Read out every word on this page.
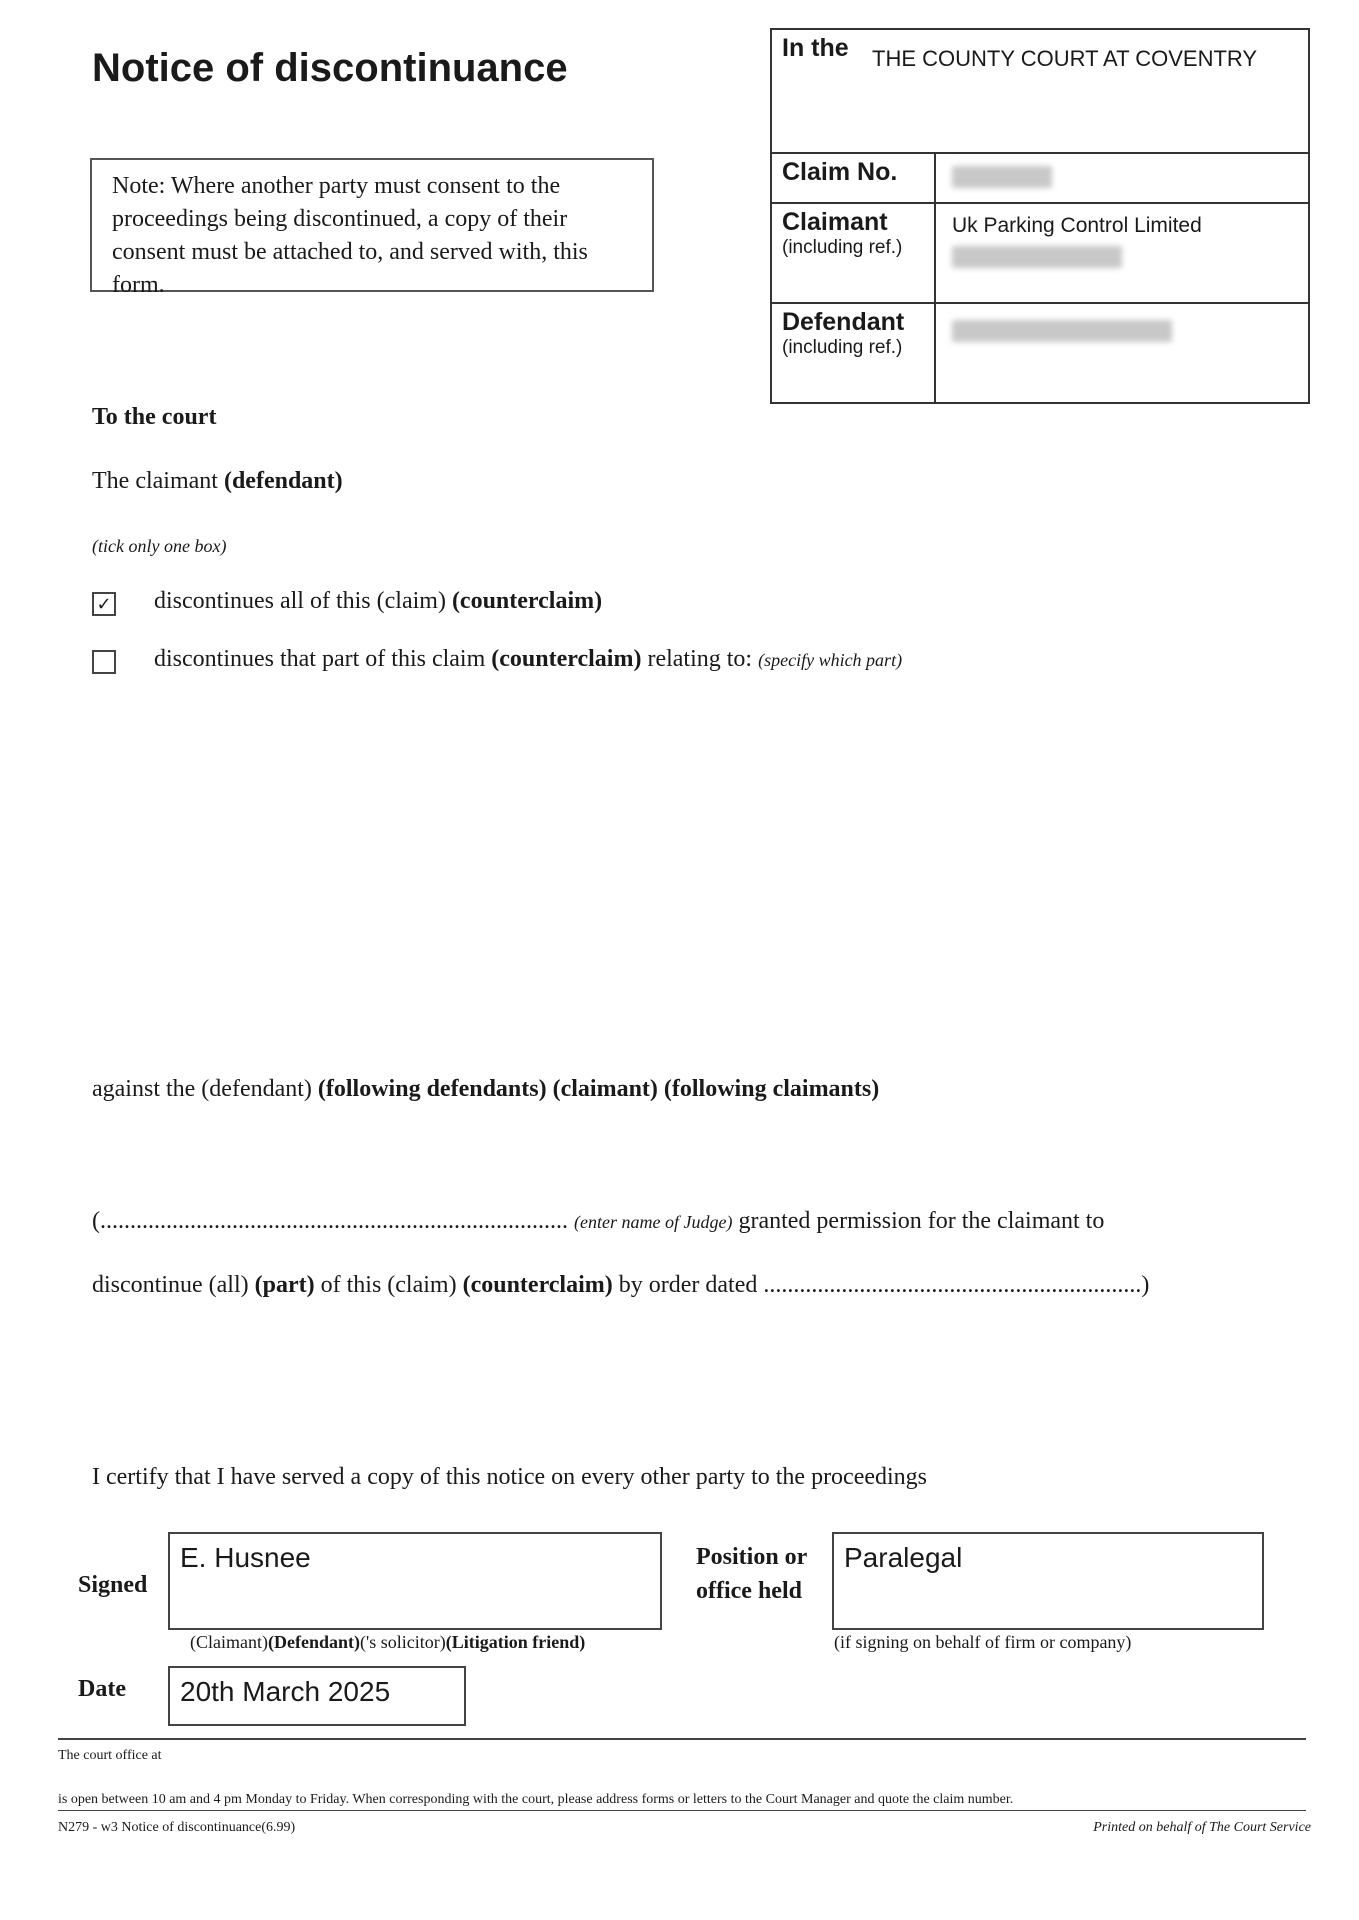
Notice of discontinuance
Note: Where another party must consent to the proceedings being discontinued, a copy of their consent must be attached to, and served with, this form.
In the THE COUNTY COURT AT COVENTRY
Claim No.
Claimant
(including ref.)
Uk Parking Control Limited
Defendant
(including ref.)
To the court
The claimant (defendant)
(tick only one box)
✓ discontinues all of this (claim) (counterclaim)
discontinues that part of this claim (counterclaim) relating to: (specify which part)
against the (defendant) (following defendants) (claimant) (following claimants)
(.............................................................................. (enter name of Judge) granted permission for the claimant to
discontinue (all) (part) of this (claim) (counterclaim) by order dated ...............................................................)
I certify that I have served a copy of this notice on every other party to the proceedings
Signed
E. Husnee
(Claimant)(Defendant)('s solicitor)(Litigation friend)
Position or
office held
Paralegal
(if signing on behalf of firm or company)
Date	20th March 2025
The court office at
is open between 10 am and 4 pm Monday to Friday. When corresponding with the court, please address forms or letters to the Court Manager and quote the claim number.
N279 - w3 Notice of discontinuance(6.99)	Printed on behalf of The Court Service
